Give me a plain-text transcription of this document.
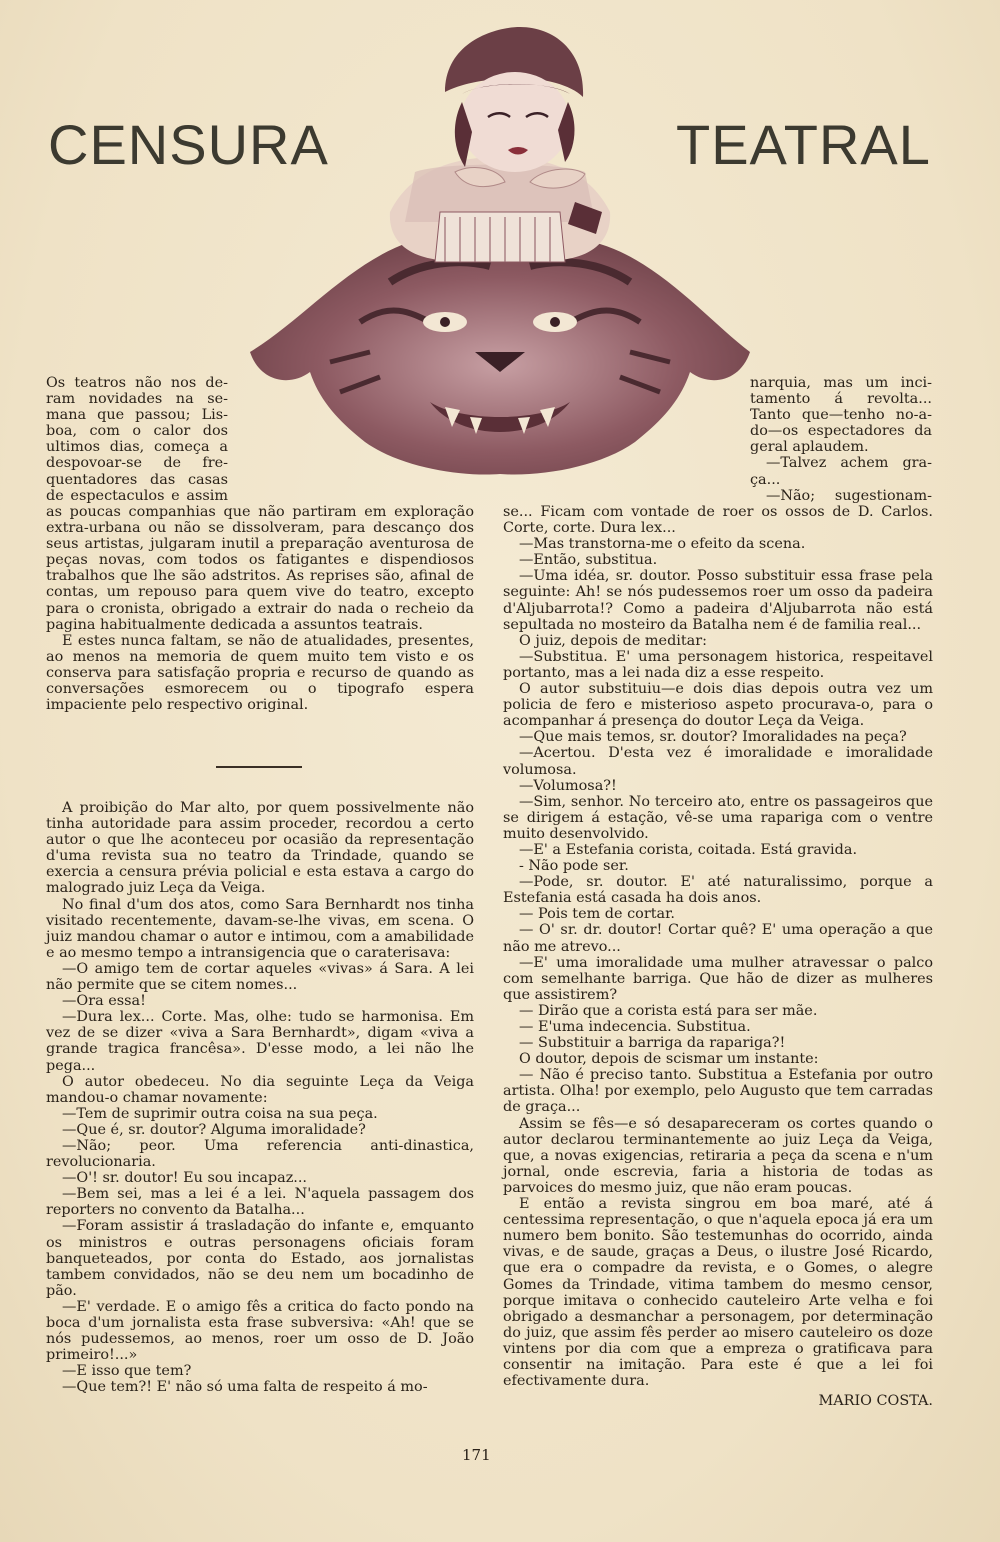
CENSURA	TEATRAL
Os teatros não nos de-
ram novidades na se-
mana que passou; Lis-
boa, com o calor dos
ultimos dias, começa a
despovoar-se de fre-
quentadores das casas
de espectaculos e assim

as poucas companhias que não partiram em exploração extra-urbana ou não se dissolveram, para descanço dos seus artistas, julgaram inutil a preparação aventurosa de peças novas, com todos os fatigantes e dispendiosos trabalhos que lhe são adstritos. As reprises são, afinal de contas, um repouso para quem vive do teatro, excepto para o cronista, obrigado a extrair do nada o recheio da pagina habitualmente dedicada a assuntos teatrais.

E estes nunca faltam, se não de atualidades, presentes, ao menos na memoria de quem muito tem visto e os conserva para satisfação propria e recurso de quando as conversações esmorecem ou o tipografo espera impaciente pelo respectivo original.

narquia, mas um inci-
tamento á revolta...
Tanto que—tenho no-a-
do—os espectadores da
geral aplaudem.
—Talvez achem gra-
ça...
—Não; sugestionam-

A proibição do Mar alto, por quem possivelmente não tinha autoridade para assim proceder, recordou a certo autor o que lhe aconteceu por ocasião da representação d'uma revista sua no teatro da Trindade, quando se exercia a censura prévia policial e esta estava a cargo do malogrado juiz Leça da Veiga.

No final d'um dos atos, como Sara Bernhardt nos tinha visitado recentemente, davam-se-lhe vivas, em scena. O juiz mandou chamar o autor e intimou, com a amabilidade e ao mesmo tempo a intransigencia que o caraterisava:

—O amigo tem de cortar aqueles «vivas» á Sara. A lei não permite que se citem nomes...

—Ora essa!

—Dura lex... Corte. Mas, olhe: tudo se harmonisa. Em vez de se dizer «viva a Sara Bernhardt», digam «viva a grande tragica francêsa». D'esse modo, a lei não lhe pega...

O autor obedeceu. No dia seguinte Leça da Veiga mandou-o chamar novamente:

—Tem de suprimir outra coisa na sua peça.

—Que é, sr. doutor? Alguma imoralidade?

—Não; peor. Uma referencia anti-dinastica, revolucionaria.

—O'! sr. doutor! Eu sou incapaz...

—Bem sei, mas a lei é a lei. N'aquela passagem dos reporters no convento da Batalha...

—Foram assistir á trasladação do infante e, emquanto os ministros e outras personagens oficiais foram banqueteados, por conta do Estado, aos jornalistas tambem convidados, não se deu nem um bocadinho de pão.

—E' verdade. E o amigo fês a critica do facto pondo na boca d'um jornalista esta frase subversiva: «Ah! que se nós pudessemos, ao menos, roer um osso de D. João primeiro!...»

—E isso que tem?

—Que tem?! E' não só uma falta de respeito á mo-

se... Ficam com vontade de roer os ossos de D. Carlos. Corte, corte. Dura lex...

—Mas transtorna-me o efeito da scena.

—Então, substitua.

—Uma idéa, sr. doutor. Posso substituir essa frase pela seguinte: Ah! se nós pudessemos roer um osso da padeira d'Aljubarrota!? Como a padeira d'Aljubarrota não está sepultada no mosteiro da Batalha nem é de familia real...

O juiz, depois de meditar:

—Substitua. E' uma personagem historica, respeitavel portanto, mas a lei nada diz a esse respeito.

O autor substituiu—e dois dias depois outra vez um policia de fero e misterioso aspeto procurava-o, para o acompanhar á presença do doutor Leça da Veiga.

—Que mais temos, sr. doutor? Imoralidades na peça?

—Acertou. D'esta vez é imoralidade e imoralidade volumosa.

—Volumosa?!

—Sim, senhor. No terceiro ato, entre os passageiros que se dirigem á estação, vê-se uma rapariga com o ventre muito desenvolvido.

—E' a Estefania corista, coitada. Está gravida.

- Não pode ser.

—Pode, sr. doutor. E' até naturalissimo, porque a Estefania está casada ha dois anos.

— Pois tem de cortar.

— O' sr. dr. doutor! Cortar quê? E' uma operação a que não me atrevo...

—E' uma imoralidade uma mulher atravessar o palco com semelhante barriga. Que hão de dizer as mulheres que assistirem?

— Dirão que a corista está para ser mãe.

— E'uma indecencia. Substitua.

— Substituir a barriga da rapariga?!

O doutor, depois de scismar um instante:

— Não é preciso tanto. Substitua a Estefania por outro artista. Olha! por exemplo, pelo Augusto que tem carradas de graça...

Assim se fês—e só desapareceram os cortes quando o autor declarou terminantemente ao juiz Leça da Veiga, que, a novas exigencias, retiraria a peça da scena e n'um jornal, onde escrevia, faria a historia de todas as parvoices do mesmo juiz, que não eram poucas.

E então a revista singrou em boa maré, até á centessima representação, o que n'aquela epoca já era um numero bem bonito. São testemunhas do ocorrido, ainda vivas, e de saude, graças a Deus, o ilustre José Ricardo, que era o compadre da revista, e o Gomes, o alegre Gomes da Trindade, vitima tambem do mesmo censor, porque imitava o conhecido cauteleiro Arte velha e foi obrigado a desmanchar a personagem, por determinação do juiz, que assim fês perder ao misero cauteleiro os doze vintens por dia com que a empreza o gratificava para consentir na imitação. Para este é que a lei foi efectivamente dura.

MARIO COSTA.

171
